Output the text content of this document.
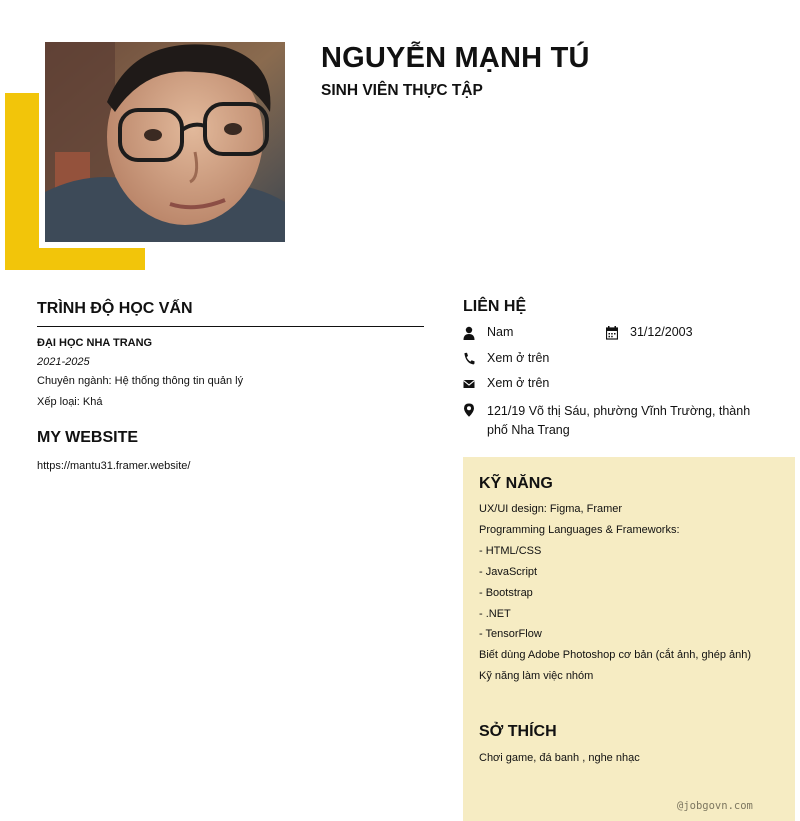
NGUYỄN MẠNH TÚ
SINH VIÊN THỰC TẬP
TRÌNH ĐỘ HỌC VẤN
ĐẠI HỌC NHA TRANG
2021-2025
Chuyên ngành: Hệ thống thông tin quản lý
Xếp loại: Khá
MY WEBSITE
https://mantu31.framer.website/
LIÊN HỆ
Nam	31/12/2003
Xem ở trên
Xem ở trên
121/19 Võ thị Sáu, phường Vĩnh Trường, thành phố Nha Trang
KỸ NĂNG
UX/UI design: Figma, Framer
Programming Languages & Frameworks:
- HTML/CSS
- JavaScript
- Bootstrap
- .NET
- TensorFlow
Biết dùng Adobe Photoshop cơ bản (cắt ảnh, ghép ảnh)
Kỹ năng làm việc nhóm
SỞ THÍCH
Chơi game, đá banh , nghe nhạc
@jobgovn.com
